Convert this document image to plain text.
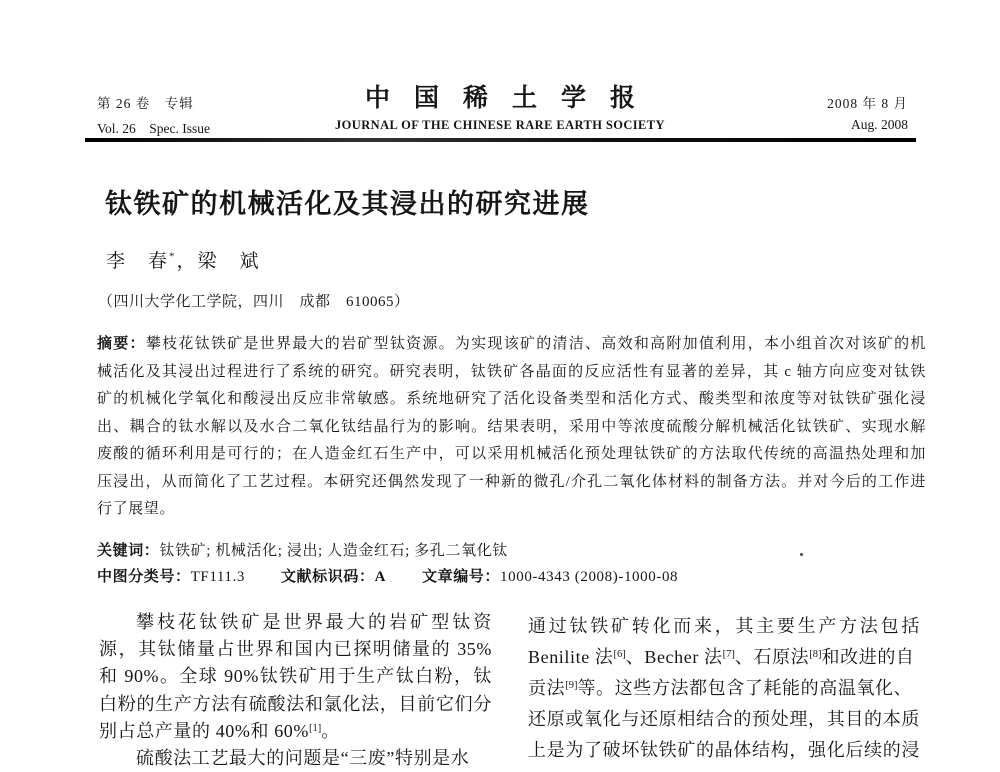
第 26 卷　专辑
Vol. 26　Spec. Issue
中国稀土学报
JOURNAL OF THE CHINESE RARE EARTH SOCIETY
2008 年 8 月
Aug. 2008
钛铁矿的机械活化及其浸出的研究进展
李　春*，梁　斌
（四川大学化工学院，四川　成都　610065）
摘要：攀枝花钛铁矿是世界最大的岩矿型钛资源。为实现该矿的清洁、高效和高附加值利用，本小组首次对该矿的机
械活化及其浸出过程进行了系统的研究。研究表明，钛铁矿各晶面的反应活性有显著的差异，其 c 轴方向应变对钛铁
矿的机械化学氧化和酸浸出反应非常敏感。系统地研究了活化设备类型和活化方式、酸类型和浓度等对钛铁矿强化浸
出、耦合的钛水解以及水合二氧化钛结晶行为的影响。结果表明，采用中等浓度硫酸分解机械活化钛铁矿、实现水解
废酸的循环利用是可行的；在人造金红石生产中，可以采用机械活化预处理钛铁矿的方法取代传统的高温热处理和加
压浸出，从而简化了工艺过程。本研究还偶然发现了一种新的微孔/介孔二氧化体材料的制备方法。并对今后的工作进
行了展望。
关键词：钛铁矿; 机械活化; 浸出; 人造金红石; 多孔二氧化钛
中图分类号：TF111.3 文献标识码：A 文章编号：1000-4343 (2008)-1000-08
攀枝花钛铁矿是世界最大的岩矿型钛资
源，其钛储量占世界和国内已探明储量的 35%
和 90%。全球 90%钛铁矿用于生产钛白粉，钛
白粉的生产方法有硫酸法和氯化法，目前它们分
别占总产量的 40%和 60%[1]。
硫酸法工艺最大的问题是“三废”特别是水
通过钛铁矿转化而来，其主要生产方法包括
Benilite 法[6]、Becher 法[7]、石原法[8]和改进的自
贡法[9]等。这些方法都包含了耗能的高温氧化、
还原或氧化与还原相结合的预处理，其目的本质
上是为了破坏钛铁矿的晶体结构，强化后续的浸
